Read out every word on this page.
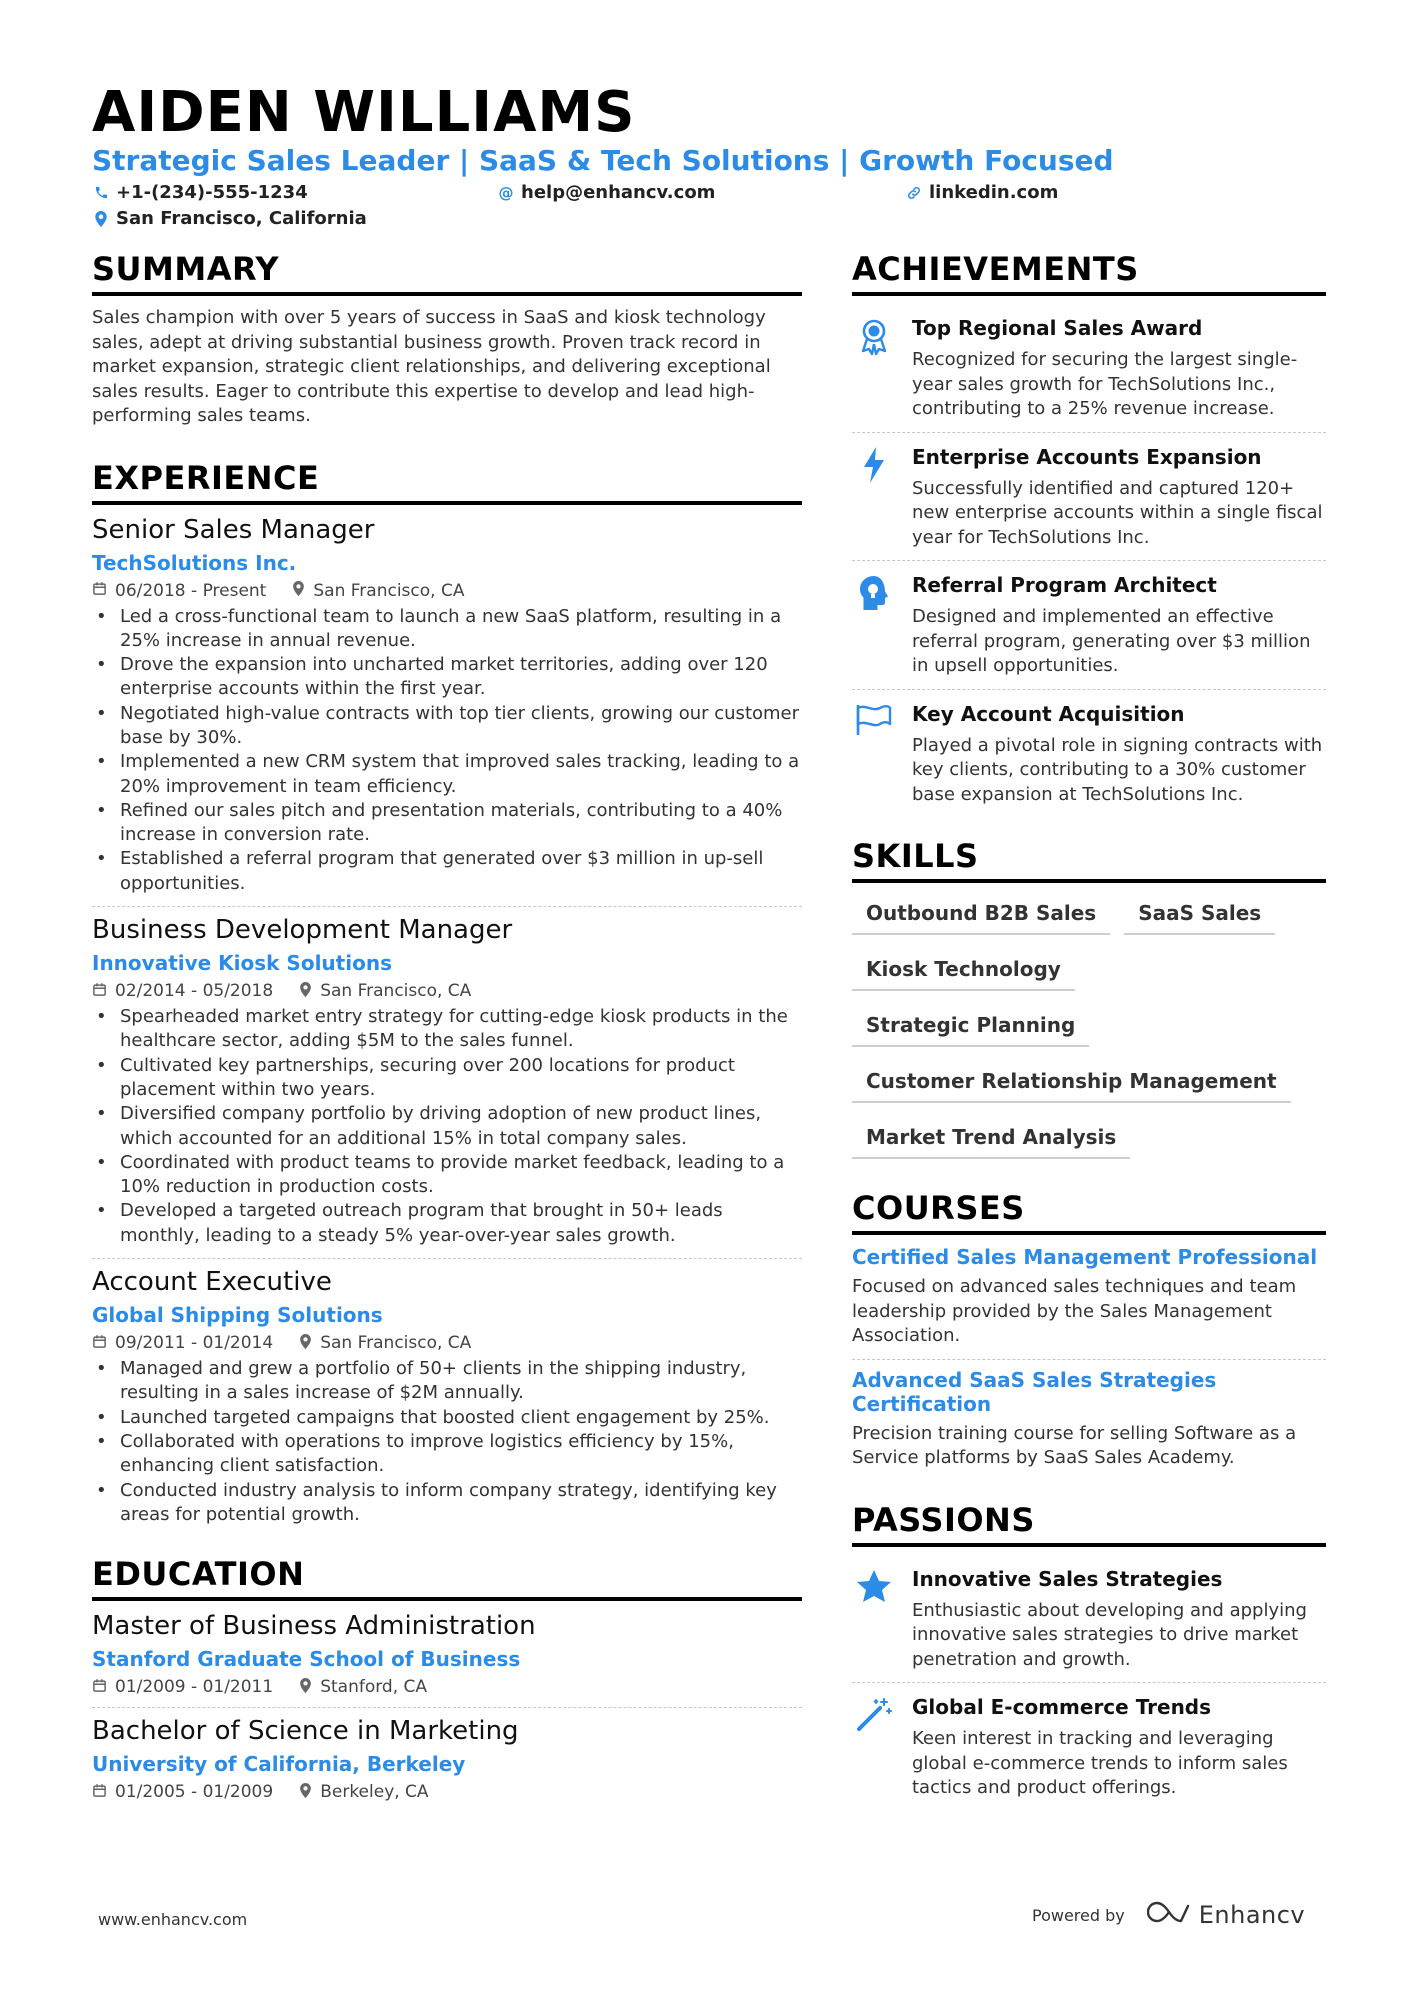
AIDEN WILLIAMS
Strategic Sales Leader | SaaS & Tech Solutions | Growth Focused
+1-(234)-555-1234	@ help@enhancv.com	linkedin.com
San Francisco, California
SUMMARY
Sales champion with over 5 years of success in SaaS and kiosk technology sales, adept at driving substantial business growth. Proven track record in market expansion, strategic client relationships, and delivering exceptional sales results. Eager to contribute this expertise to develop and lead high-performing sales teams.
EXPERIENCE
Senior Sales Manager
TechSolutions Inc.
06/2018 - Present	San Francisco, CA
• Led a cross-functional team to launch a new SaaS platform, resulting in a 25% increase in annual revenue.
• Drove the expansion into uncharted market territories, adding over 120 enterprise accounts within the first year.
• Negotiated high-value contracts with top tier clients, growing our customer base by 30%.
• Implemented a new CRM system that improved sales tracking, leading to a 20% improvement in team efficiency.
• Refined our sales pitch and presentation materials, contributing to a 40% increase in conversion rate.
• Established a referral program that generated over $3 million in up-sell opportunities.
Business Development Manager
Innovative Kiosk Solutions
02/2014 - 05/2018	San Francisco, CA
• Spearheaded market entry strategy for cutting-edge kiosk products in the healthcare sector, adding $5M to the sales funnel.
• Cultivated key partnerships, securing over 200 locations for product placement within two years.
• Diversified company portfolio by driving adoption of new product lines, which accounted for an additional 15% in total company sales.
• Coordinated with product teams to provide market feedback, leading to a 10% reduction in production costs.
• Developed a targeted outreach program that brought in 50+ leads monthly, leading to a steady 5% year-over-year sales growth.
Account Executive
Global Shipping Solutions
09/2011 - 01/2014	San Francisco, CA
• Managed and grew a portfolio of 50+ clients in the shipping industry, resulting in a sales increase of $2M annually.
• Launched targeted campaigns that boosted client engagement by 25%.
• Collaborated with operations to improve logistics efficiency by 15%, enhancing client satisfaction.
• Conducted industry analysis to inform company strategy, identifying key areas for potential growth.
EDUCATION
Master of Business Administration
Stanford Graduate School of Business
01/2009 - 01/2011	Stanford, CA
Bachelor of Science in Marketing
University of California, Berkeley
01/2005 - 01/2009	Berkeley, CA
ACHIEVEMENTS
Top Regional Sales Award
Recognized for securing the largest single-year sales growth for TechSolutions Inc., contributing to a 25% revenue increase.
Enterprise Accounts Expansion
Successfully identified and captured 120+ new enterprise accounts within a single fiscal year for TechSolutions Inc.
Referral Program Architect
Designed and implemented an effective referral program, generating over $3 million in upsell opportunities.
Key Account Acquisition
Played a pivotal role in signing contracts with key clients, contributing to a 30% customer base expansion at TechSolutions Inc.
SKILLS
Outbound B2B Sales	SaaS Sales
Kiosk Technology
Strategic Planning
Customer Relationship Management
Market Trend Analysis
COURSES
Certified Sales Management Professional
Focused on advanced sales techniques and team leadership provided by the Sales Management Association.
Advanced SaaS Sales Strategies Certification
Precision training course for selling Software as a Service platforms by SaaS Sales Academy.
PASSIONS
Innovative Sales Strategies
Enthusiastic about developing and applying innovative sales strategies to drive market penetration and growth.
Global E-commerce Trends
Keen interest in tracking and leveraging global e-commerce trends to inform sales tactics and product offerings.
www.enhancv.com	Powered by	Enhancv
